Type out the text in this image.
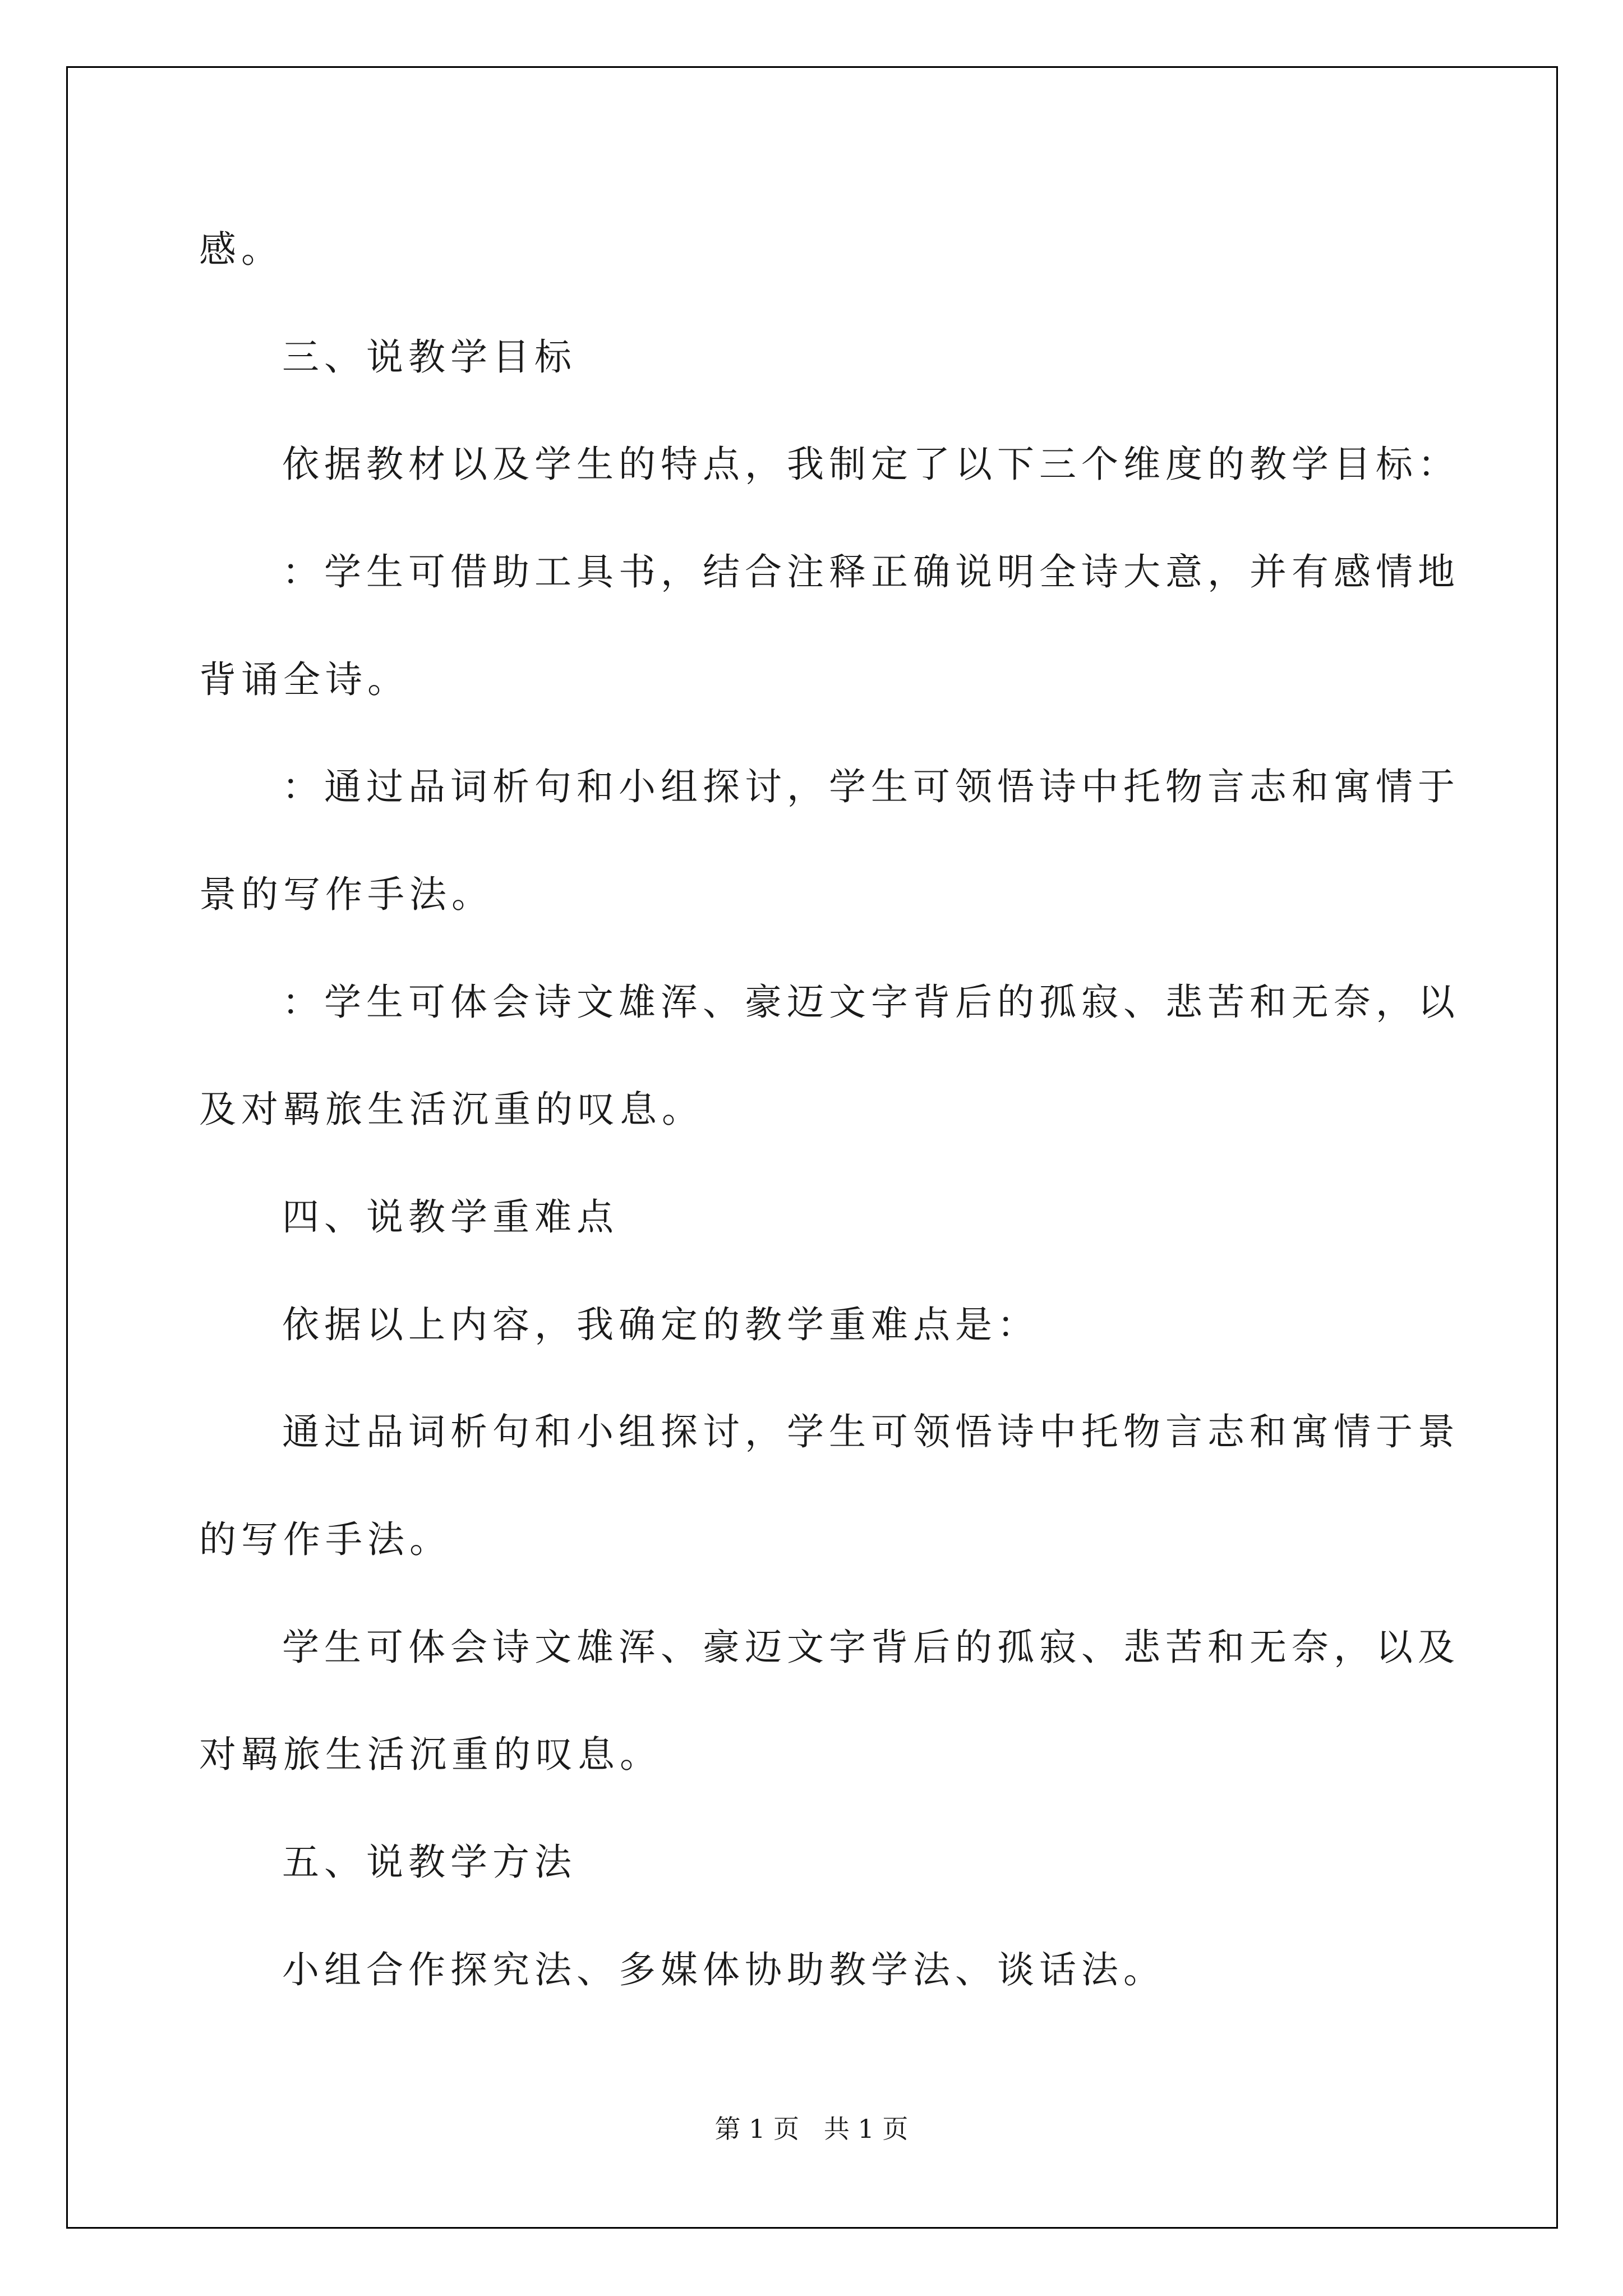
感。
三、说教学目标
依据教材以及学生的特点，我制定了以下三个维度的教学目标：
：学生可借助工具书，结合注释正确说明全诗大意，并有感情地
背诵全诗。
：通过品词析句和小组探讨，学生可领悟诗中托物言志和寓情于
景的写作手法。
：学生可体会诗文雄浑、豪迈文字背后的孤寂、悲苦和无奈，以
及对羁旅生活沉重的叹息。
四、说教学重难点
依据以上内容，我确定的教学重难点是：
通过品词析句和小组探讨，学生可领悟诗中托物言志和寓情于景
的写作手法。
学生可体会诗文雄浑、豪迈文字背后的孤寂、悲苦和无奈，以及
对羁旅生活沉重的叹息。
五、说教学方法
小组合作探究法、多媒体协助教学法、谈话法。
第 1 页   共 1 页
